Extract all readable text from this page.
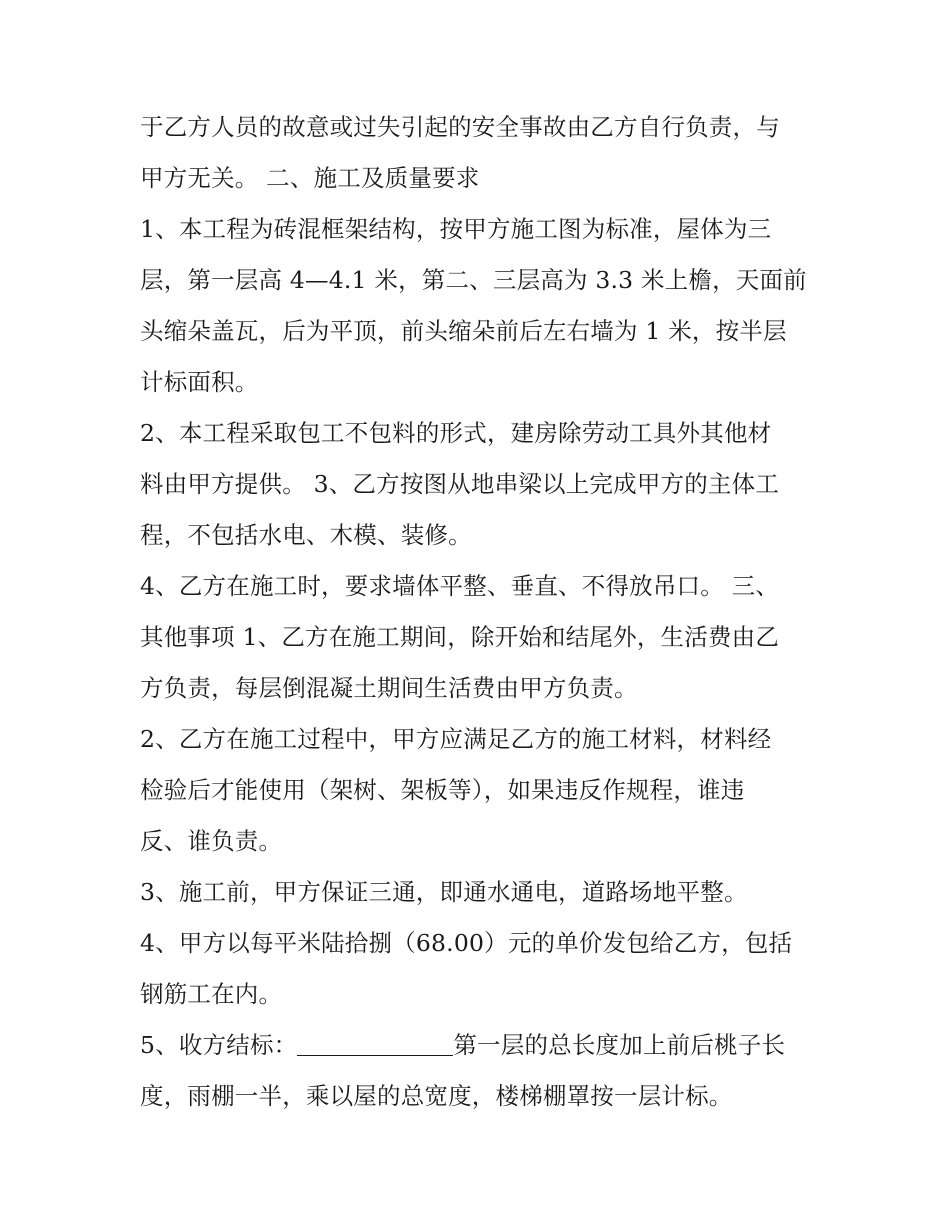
于乙方人员的故意或过失引起的安全事故由乙方自行负责，与
甲方无关。 二、施工及质量要求
1、本工程为砖混框架结构，按甲方施工图为标准，屋体为三
层，第一层高 4—4.1 米，第二、三层高为 3.3 米上檐，天面前
头缩朵盖瓦，后为平顶，前头缩朵前后左右墙为 1 米，按半层
计标面积。
2、本工程采取包工不包料的形式，建房除劳动工具外其他材
料由甲方提供。 3、乙方按图从地串梁以上完成甲方的主体工
程，不包括水电、木模、装修。
4、乙方在施工时，要求墙体平整、垂直、不得放吊口。 三、
其他事项 1、乙方在施工期间，除开始和结尾外，生活费由乙
方负责，每层倒混凝土期间生活费由甲方负责。
2、乙方在施工过程中，甲方应满足乙方的施工材料，材料经
检验后才能使用（架树、架板等），如果违反作规程，谁违
反、谁负责。
3、施工前，甲方保证三通，即通水通电，道路场地平整。
4、甲方以每平米陆拾捌（68.00）元的单价发包给乙方，包括
钢筋工在内。
5、收方结标：	第一层的总长度加上前后桃子长
度，雨棚一半，乘以屋的总宽度，楼梯棚罩按一层计标。
